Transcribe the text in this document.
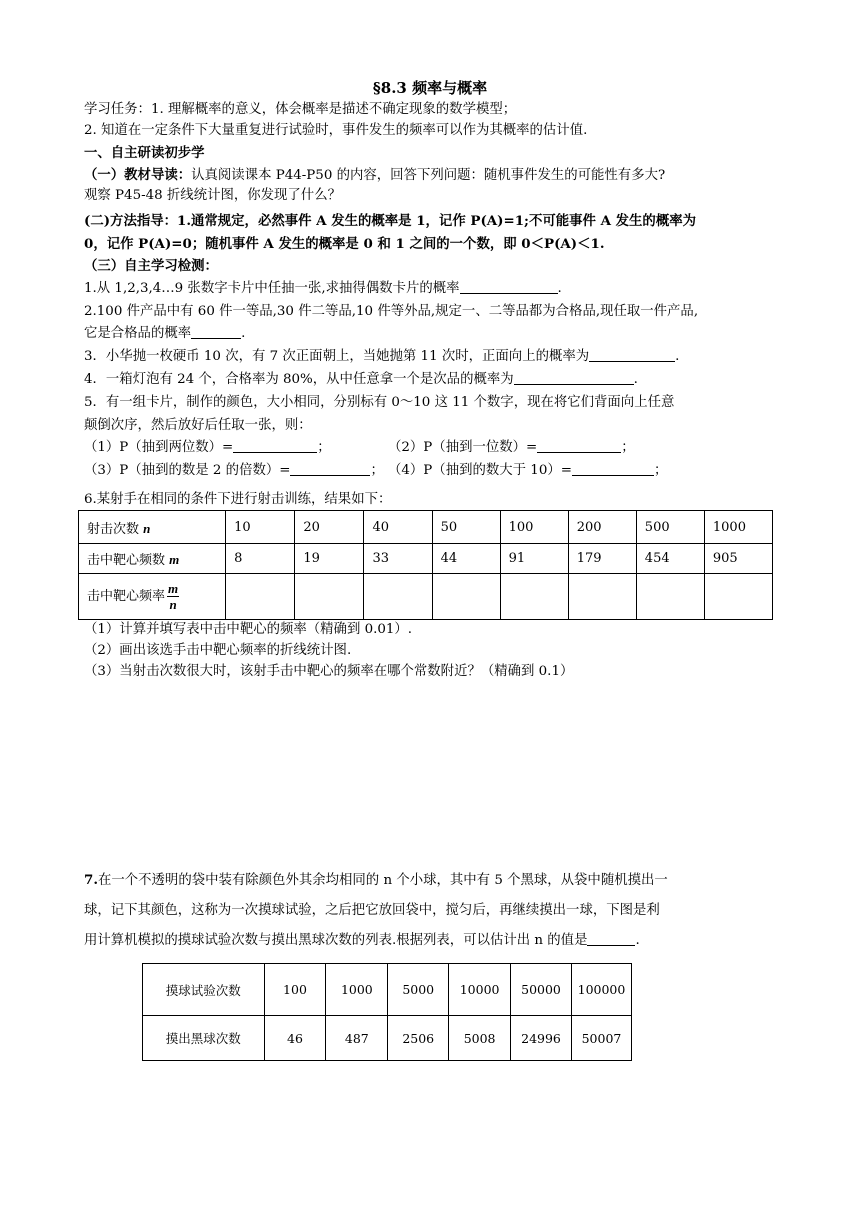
§8.3 频率与概率
学习任务：1. 理解概率的意义，体会概率是描述不确定现象的数学模型；
2. 知道在一定条件下大量重复进行试验时，事件发生的频率可以作为其概率的估计值.
一、自主研读初步学
（一）教材导读：认真阅读课本 P44-P50 的内容，回答下列问题：随机事件发生的可能性有多大?
观察 P45-48 折线统计图，你发现了什么？
(二)方法指导：1.通常规定，必然事件 A 发生的概率是 1，记作 P(A)=1;不可能事件 A 发生的概率为
0，记作 P(A)=0；随机事件 A 发生的概率是 0 和 1 之间的一个数，即 0＜P(A)＜1.
（三）自主学习检测：
1.从 1,2,3,4…9 张数字卡片中任抽一张,求抽得偶数卡片的概率	.
2.100 件产品中有 60 件一等品,30 件二等品,10 件等外品,规定一、二等品都为合格品,现任取一件产品,
它是合格品的概率	.
3．小华抛一枚硬币 10 次，有 7 次正面朝上，当她抛第 11 次时，正面向上的概率为	.
4．一箱灯泡有 24 个，合格率为 80%，从中任意拿一个是次品的概率为	.
5．有一组卡片，制作的颜色，大小相同，分别标有 0～10 这 11 个数字，现在将它们背面向上任意
颠倒次序，然后放好后任取一张，则：
（1）P（抽到两位数）=	；	（2）P（抽到一位数）=	；
（3）P（抽到的数是 2 的倍数）=	； （4）P（抽到的数大于 10）=	；
6.某射手在相同的条件下进行射击训练，结果如下：
射击次数 n	10	20	40	50	100	200	500	1000
击中靶心频数 m	8	19	33	44	91	179	454	905
击中靶心频率 $\frac{m}{n}$

（1）计算并填写表中击中靶心的频率（精确到 0.01）.
（2）画出该选手击中靶心频率的折线统计图.
（3）当射击次数很大时，该射手击中靶心的频率在哪个常数附近？（精确到 0.1）
7.在一个不透明的袋中装有除颜色外其余均相同的 n 个小球，其中有 5 个黑球，从袋中随机摸出一
球，记下其颜色，这称为一次摸球试验，之后把它放回袋中，搅匀后，再继续摸出一球，下图是利
用计算机模拟的摸球试验次数与摸出黑球次数的列表.根据列表，可以估计出 n 的值是	.
摸球试验次数	100	1000	5000	10000	50000	100000
摸出黑球次数	46	487	2506	5008	24996	50007
